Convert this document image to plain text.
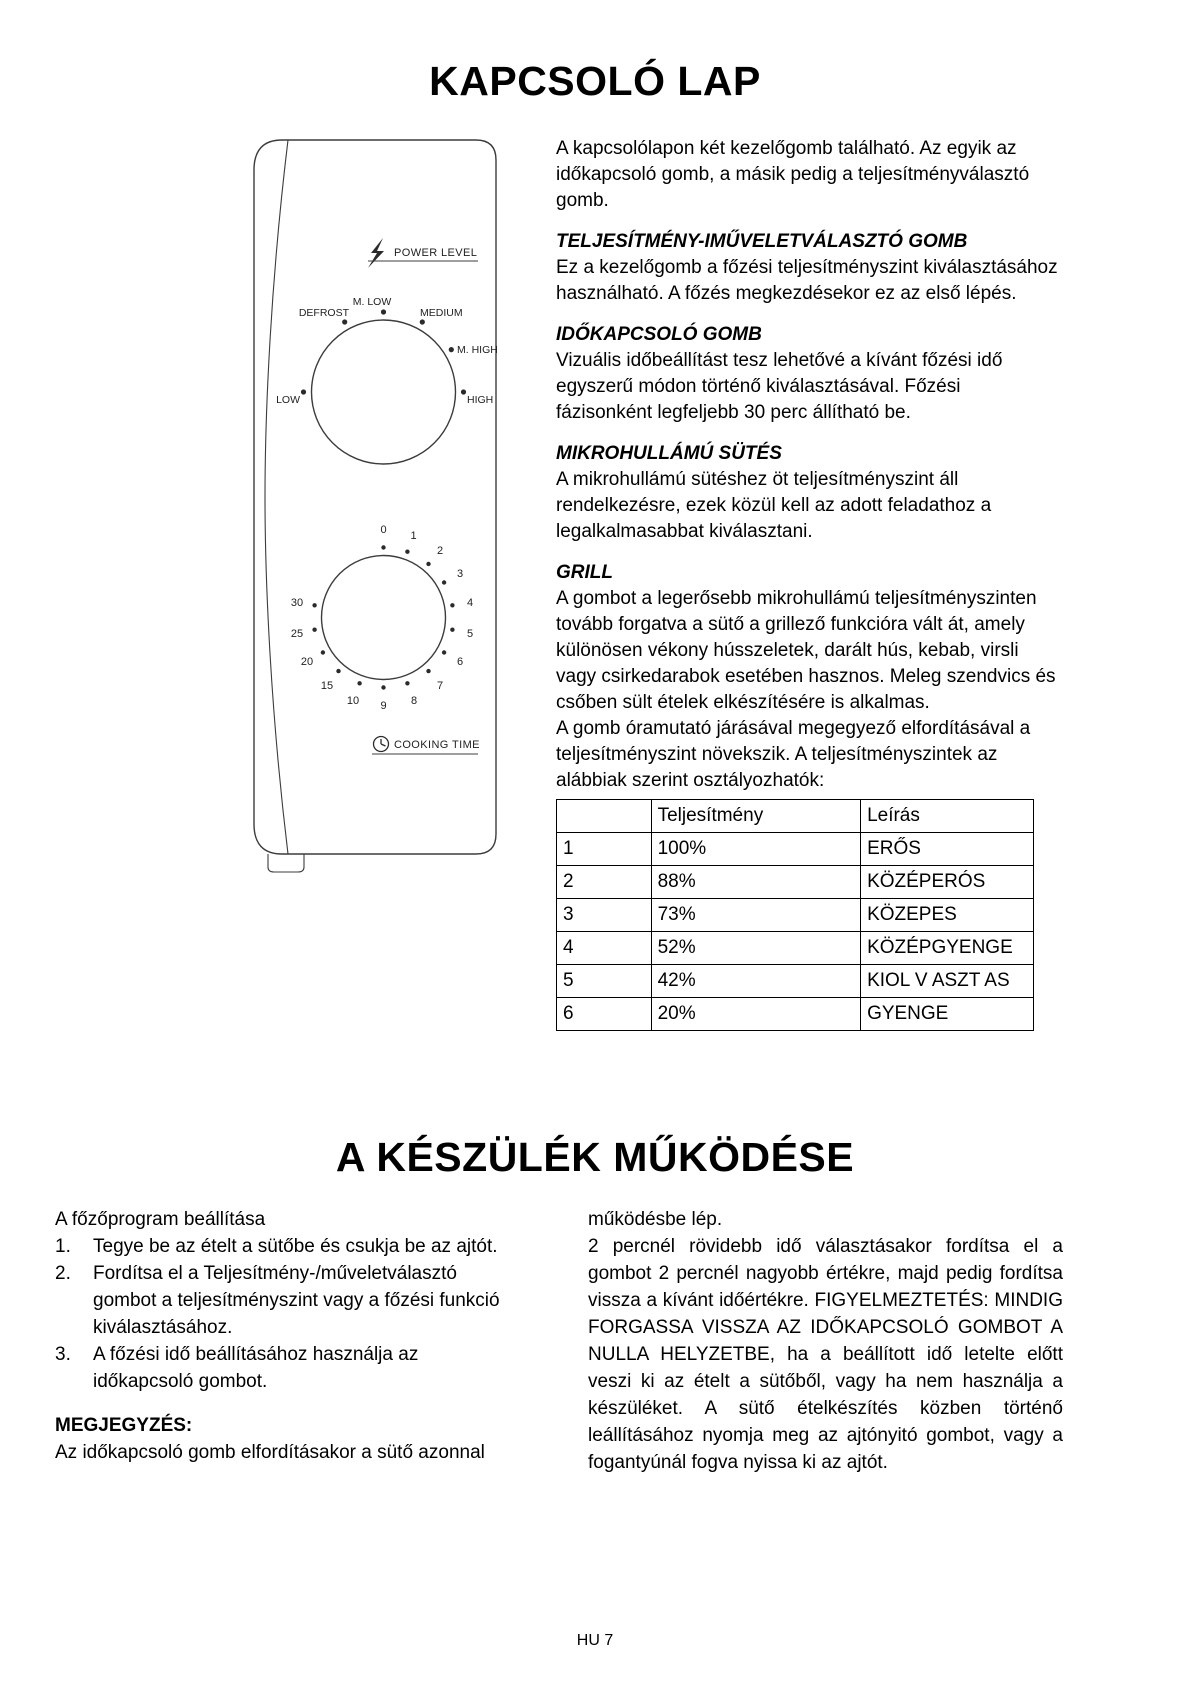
KAPCSOLÓ LAP
POWER LEVEL
M. LOW
DEFROST	MEDIUM
M. HIGH
HIGH
LOW
0 1
2
3
4
5
6
7
8
9
10
15
20
25
30
COOKING TIME

A kapcsolólapon két kezelőgomb található. Az egyik az időkapcsoló gomb, a másik pedig a teljesítményválasztó gomb.

TELJESÍTMÉNY-IMŰVELETVÁLASZTÓ GOMB

Ez a kezelőgomb a főzési teljesítményszint kiválasztásához használható. A főzés megkezdésekor ez az első lépés.

IDŐKAPCSOLÓ GOMB

Vizuális időbeállítást tesz lehetővé a kívánt főzési idő egyszerű módon történő kiválasztásával. Főzési fázisonként legfeljebb 30 perc állítható be.

MIKROHULLÁMÚ SÜTÉS

A mikrohullámú sütéshez öt teljesítményszint áll rendelkezésre, ezek közül kell az adott feladathoz a legalkalmasabbat kiválasztani.

GRILL

A gombot a legerősebb mikrohullámú teljesítményszinten tovább forgatva a sütő a grillező funkcióra vált át, amely különösen vékony hússzeletek, darált hús, kebab, virsli vagy csirkedarabok esetében hasznos. Meleg szendvics és csőben sült ételek elkészítésére is alkalmas.

A gomb óramutató járásával megegyező elfordításával a teljesítményszint növekszik. A teljesítményszintek az alábbiak szerint osztályozhatók:

	Teljesítmény	Leírás
1	100%	ERŐS
2	88%	KÖZÉPERÓS
3	73%	KÖZEPES
4	52%	KÖZÉPGYENGE
5	42%	KIOL V ASZT AS
6	20%	GYENGE
A KÉSZÜLÉK MŰKÖDÉSE

A főzőprogram beállítása

1.	Tegye be az ételt a sütőbe és csukja be az ajtót.
2.	Fordítsa el a Teljesítmény-/műveletválasztó gombot a teljesítményszint vagy a főzési funkció kiválasztásához.
3.	A főzési idő beállításához használja az időkapcsoló gombot.

MEGJEGYZÉS:

Az időkapcsoló gomb elfordításakor a sütő azonnal

működésbe lép.

2 percnél rövidebb idő választásakor fordítsa el a gombot 2 percnél nagyobb értékre, majd pedig fordítsa vissza a kívánt időértékre. FIGYELMEZTETÉS: MINDIG FORGASSA VISSZA AZ IDŐKAPCSOLÓ GOMBOT A NULLA HELYZETBE, ha a beállított idő letelte előtt veszi ki az ételt a sütőből, vagy ha nem használja a készüléket. A sütő ételkészítés közben történő leállításához nyomja meg az ajtónyitó gombot, vagy a fogantyúnál fogva nyissa ki az ajtót.

HU 7
